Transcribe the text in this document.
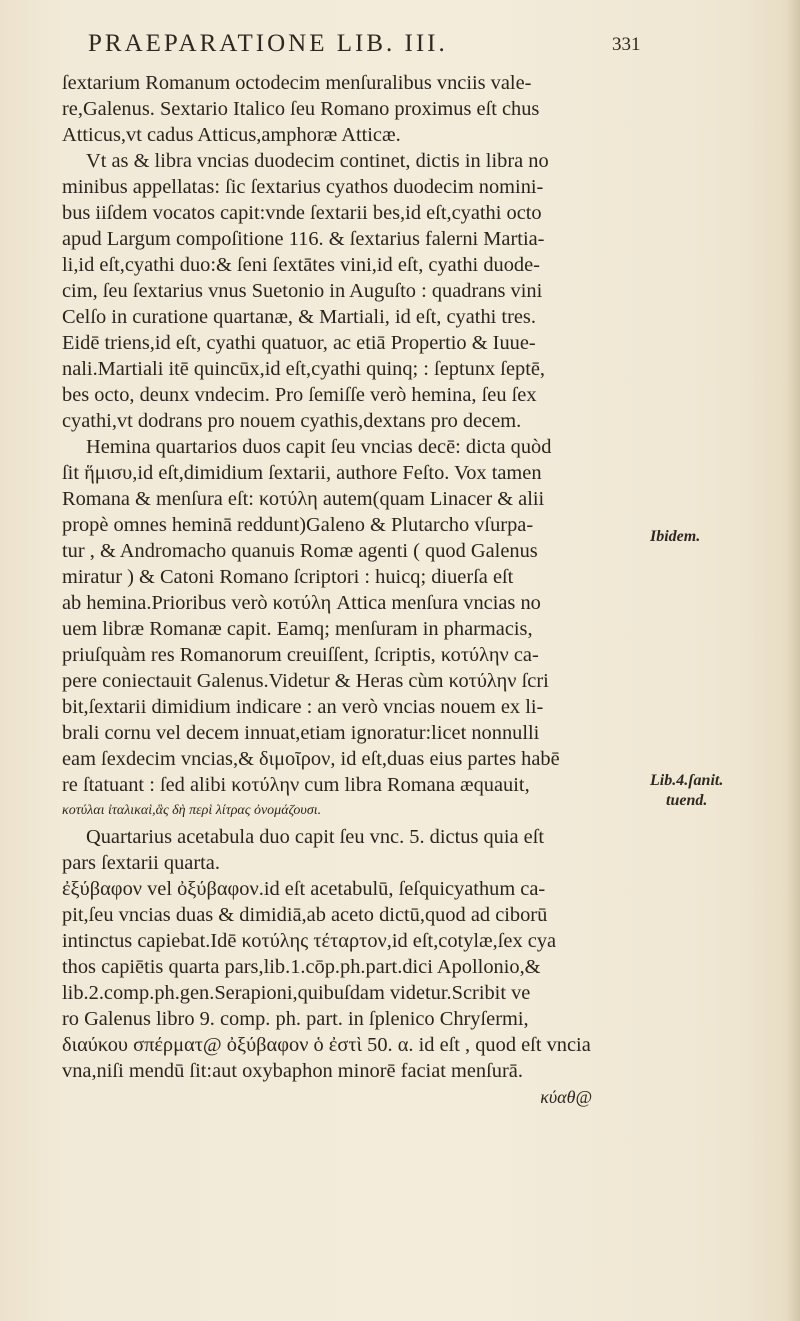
PRAEPARATIONE LIB. III.	331
ſextarium Romanum octodecim menſuralibus vnciis vale-
re,Galenus. Sextario Italico ſeu Romano proximus eſt chus
Atticus,vt cadus Atticus,amphoræ Atticæ.
Vt as & libra vncias duodecim continet, dictis in libra no
minibus appellatas: ſic ſextarius cyathos duodecim nomini-
bus iiſdem vocatos capit:vnde ſextarii bes,id eſt,cyathi octo
apud Largum compoſitione 116. & ſextarius falerni Martia-
li,id eſt,cyathi duo:& ſeni ſextātes vini,id eſt, cyathi duode-
cim, ſeu ſextarius vnus Suetonio in Auguſto : quadrans vini
Celſo in curatione quartanæ, & Martiali, id eſt, cyathi tres.
Eidē triens,id eſt, cyathi quatuor, ac etiā Propertio & Iuue-
nali.Martiali itē quincūx,id eſt,cyathi quinq; : ſeptunx ſeptē,
bes octo, deunx vndecim. Pro ſemiſſe verò hemina, ſeu ſex
cyathi,vt dodrans pro nouem cyathis,dextans pro decem.
Hemina quartarios duos capit ſeu vncias decē: dicta quòd
ſit ἥμισυ,id eſt,dimidium ſextarii, authore Feſto. Vox tamen
Romana & menſura eſt: κοτύλη autem(quam Linacer & alii
propè omnes heminā reddunt)Galeno & Plutarcho vſurpa-
tur , & Andromacho quanuis Romæ agenti ( quod Galenus
miratur ) & Catoni Romano ſcriptori : huicq; diuerſa eſt
ab hemina.Prioribus verò κοτύλη Attica menſura vncias no
uem libræ Romanæ capit. Eamq; menſuram in pharmacis,
priuſquàm res Romanorum creuiſſent, ſcriptis, κοτύλην ca-
pere coniectauit Galenus.Videtur & Heras cùm κοτύλην ſcri
bit,ſextarii dimidium indicare : an verò vncias nouem ex li-
brali cornu vel decem innuat,etiam ignoratur:licet nonnulli
eam ſexdecim vncias,& διμοῖρον, id eſt,duas eius partes habē
re ſtatuant : ſed alibi κοτύλην cum libra Romana æquauit,
κοτύλαι ἰταλικαὶ,ἃς δὴ περὶ λίτρας ὀνομάζουσι.
Quartarius acetabula duo capit ſeu vnc. 5. dictus quia eſt
pars ſextarii quarta.
ἐξύβαφον vel ὀξύβαφον.id eſt acetabulū, ſeſquicyathum ca-
pit,ſeu vncias duas & dimidiā,ab aceto dictū,quod ad ciborū
intinctus capiebat.Idē κοτύλης τέταρτον,id eſt,cotylæ,ſex cya
thos capiētis quarta pars,lib.1.cōp.ph.part.dici Apollonio,&
lib.2.comp.ph.gen.Serapioni,quibuſdam videtur.Scribit ve
ro Galenus libro 9. comp. ph. part. in ſplenico Chryſermi,
διαύκου σπέρματ@ ὀξύβαφον ὁ ἐστὶ 50. α. id eſt , quod eſt vncia
vna,niſi mendū ſit:aut oxybaphon minorē faciat menſurā.
κύαθ@
Ibidem.
Lib.4.ſanit.
tuend.
